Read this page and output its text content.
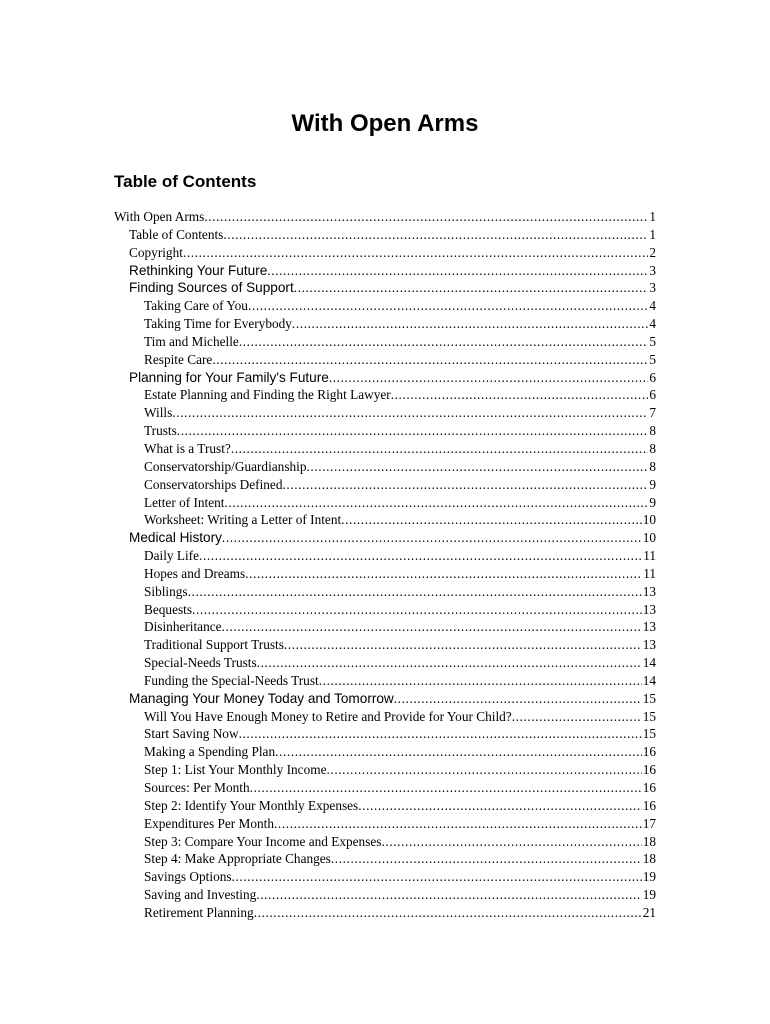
With Open Arms
Table of Contents
With Open Arms .....	1
Table of Contents .....	1
Copyright .....	2
Rethinking Your Future .....	3
Finding Sources of Support .....	3
Taking Care of You .....	4
Taking Time for Everybody .....	4
Tim and Michelle .....	5
Respite Care .....	5
Planning for Your Family's Future .....	6
Estate Planning and Finding the Right Lawyer .....	6
Wills .....	7
Trusts .....	8
What is a Trust? .....	8
Conservatorship/Guardianship .....	8
Conservatorships Defined .....	9
Letter of Intent .....	9
Worksheet: Writing a Letter of Intent .....	10
Medical History .....	10
Daily Life .....	11
Hopes and Dreams .....	11
Siblings .....	13
Bequests .....	13
Disinheritance .....	13
Traditional Support Trusts .....	13
Special-Needs Trusts .....	14
Funding the Special-Needs Trust .....	14
Managing Your Money Today and Tomorrow .....	15
Will You Have Enough Money to Retire and Provide for Your Child? .....	15
Start Saving Now .....	15
Making a Spending Plan .....	16
Step 1: List Your Monthly Income .....	16
Sources: Per Month .....	16
Step 2: Identify Your Monthly Expenses .....	16
Expenditures Per Month .....	17
Step 3: Compare Your Income and Expenses .....	18
Step 4: Make Appropriate Changes .....	18
Savings Options .....	19
Saving and Investing .....	19
Retirement Planning .....	21
